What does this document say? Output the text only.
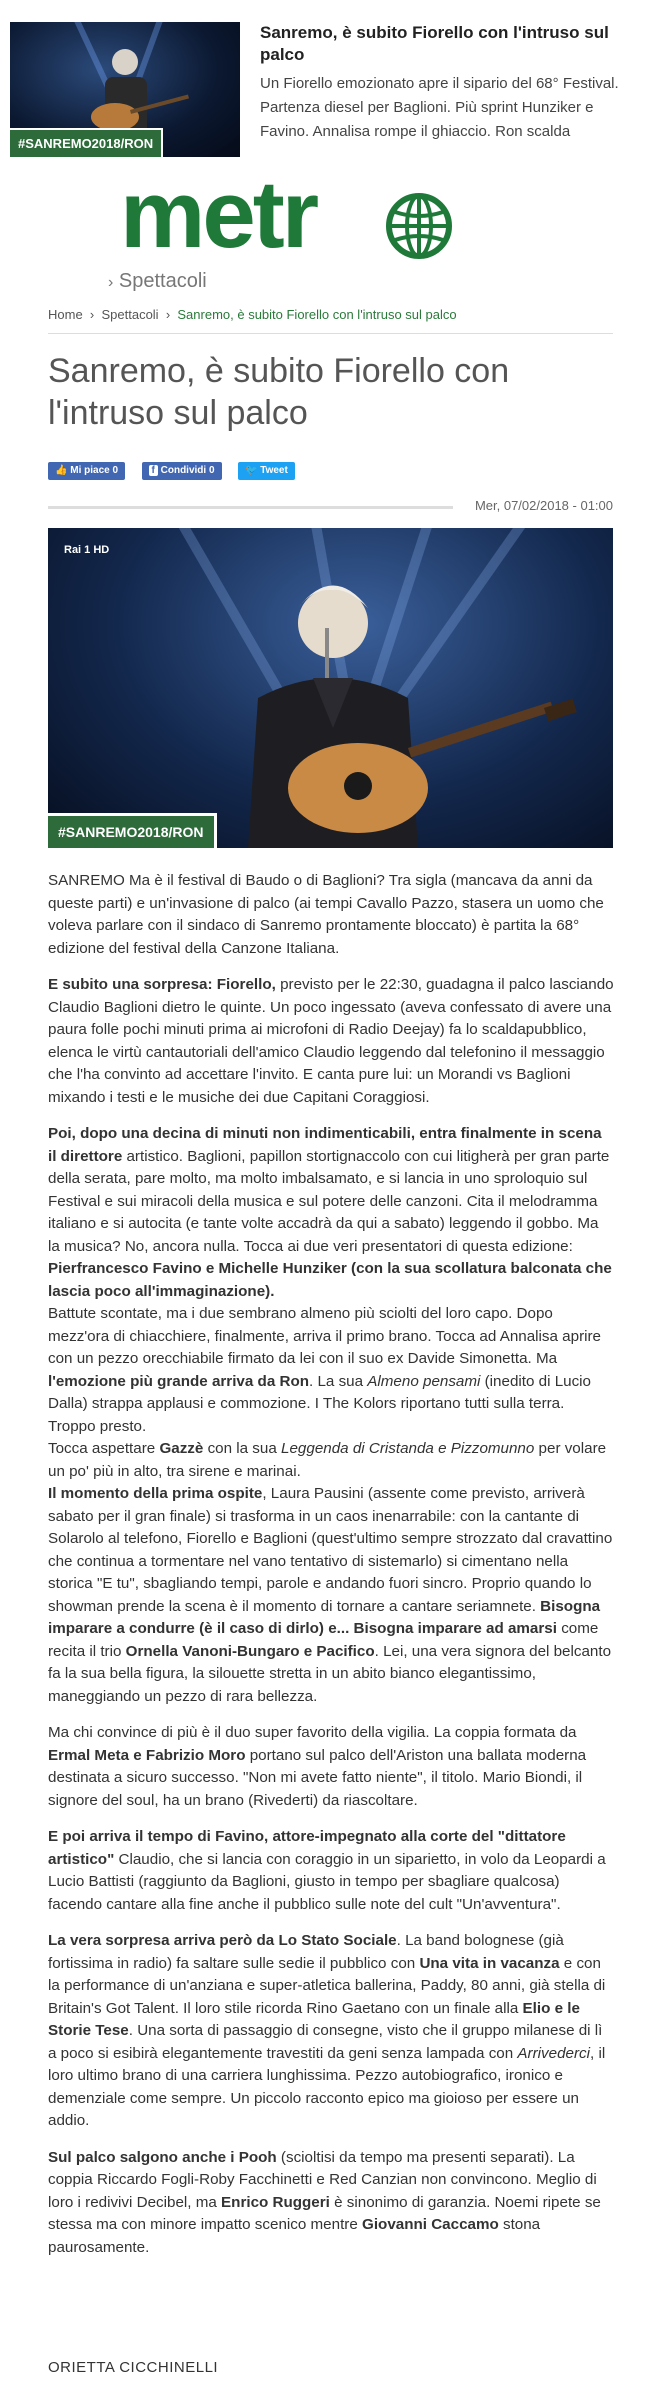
#SANREMO2018/RON
Sanremo, è subito Fiorello con l'intruso sul palco
Un Fiorello emozionato apre il sipario del 68° Festival. Partenza diesel per Baglioni. Più sprint Hunziker e Favino. Annalisa rompe il ghiaccio. Ron scalda
metr
› Spettacoli
Home  ›  Spettacoli  ›  Sanremo, è subito Fiorello con l'intruso sul palco
Sanremo, è subito Fiorello con l'intruso sul palco
👍 Mi piace 0	f Condividi 0	🐦 Tweet
Mer, 07/02/2018 - 01:00
Rai 1 HD
#SANREMO2018/RON

SANREMO Ma è il festival di Baudo o di Baglioni? Tra sigla (mancava da anni da queste parti) e un'invasione di palco (ai tempi Cavallo Pazzo, stasera un uomo che voleva parlare con il sindaco di Sanremo prontamente bloccato) è partita la 68° edizione del festival della Canzone Italiana.

E subito una sorpresa: Fiorello, previsto per le 22:30, guadagna il palco lasciando Claudio Baglioni dietro le quinte. Un poco ingessato (aveva confessato di avere una paura folle pochi minuti prima ai microfoni di Radio Deejay) fa lo scaldapubblico, elenca le virtù cantautoriali dell'amico Claudio leggendo dal telefonino il messaggio che l'ha convinto ad accettare l'invito. E canta pure lui: un Morandi vs Baglioni mixando i testi e le musiche dei due Capitani Coraggiosi.

Poi, dopo una decina di minuti non indimenticabili, entra finalmente in scena il direttore artistico. Baglioni, papillon stortignaccolo con cui litigherà per gran parte della serata, pare molto, ma molto imbalsamato, e si lancia in uno sproloquio sul Festival e sui miracoli della musica e sul potere delle canzoni. Cita il melodramma italiano e si autocita (e tante volte accadrà da qui a sabato) leggendo il gobbo. Ma la musica? No, ancora nulla. Tocca ai due veri presentatori di questa edizione: Pierfrancesco Favino e Michelle Hunziker (con la sua scollatura balconata che lascia poco all'immaginazione).
Battute scontate, ma i due sembrano almeno più sciolti del loro capo. Dopo mezz'ora di chiacchiere, finalmente, arriva il primo brano. Tocca ad Annalisa aprire con un pezzo orecchiabile firmato da lei con il suo ex Davide Simonetta. Ma l'emozione più grande arriva da Ron. La sua Almeno pensami (inedito di Lucio Dalla) strappa applausi e commozione. I The Kolors riportano tutti sulla terra. Troppo presto.
Tocca aspettare Gazzè con la sua Leggenda di Cristanda e Pizzomunno per volare un po' più in alto, tra sirene e marinai.
Il momento della prima ospite, Laura Pausini (assente come previsto, arriverà sabato per il gran finale) si trasforma in un caos inenarrabile: con la cantante di Solarolo al telefono, Fiorello e Baglioni (quest'ultimo sempre strozzato dal cravattino che continua a tormentare nel vano tentativo di sistemarlo) si cimentano nella storica "E tu", sbagliando tempi, parole e andando fuori sincro. Proprio quando lo showman prende la scena è il momento di tornare a cantare seriamnete. Bisogna imparare a condurre (è il caso di dirlo) e... Bisogna imparare ad amarsi come recita il trio Ornella Vanoni-Bungaro e Pacifico. Lei, una vera signora del belcanto fa la sua bella figura, la silouette stretta in un abito bianco elegantissimo, maneggiando un pezzo di rara bellezza.

Ma chi convince di più è il duo super favorito della vigilia. La coppia formata da Ermal Meta e Fabrizio Moro portano sul palco dell'Ariston una ballata moderna destinata a sicuro successo. "Non mi avete fatto niente", il titolo. Mario Biondi, il signore del soul, ha un brano (Rivederti) da riascoltare.

E poi arriva il tempo di Favino, attore-impegnato alla corte del "dittatore artistico" Claudio, che si lancia con coraggio in un siparietto, in volo da Leopardi a Lucio Battisti (raggiunto da Baglioni, giusto in tempo per sbagliare qualcosa) facendo cantare alla fine anche il pubblico sulle note del cult "Un'avventura".

La vera sorpresa arriva però da Lo Stato Sociale. La band bolognese (già fortissima in radio) fa saltare sulle sedie il pubblico con Una vita in vacanza e con la performance di un'anziana e super-atletica ballerina, Paddy, 80 anni, già stella di Britain's Got Talent. Il loro stile ricorda Rino Gaetano con un finale alla Elio e le Storie Tese. Una sorta di passaggio di consegne, visto che il gruppo milanese di lì a poco si esibirà elegantemente travestiti da geni senza lampada con Arrivederci, il loro ultimo brano di una carriera lunghissima. Pezzo autobiografico, ironico e demenziale come sempre. Un piccolo racconto epico ma gioioso per essere un addio.

Sul palco salgono anche i Pooh (scioltisi da tempo ma presenti separati). La coppia Riccardo Fogli-Roby Facchinetti e Red Canzian non convincono. Meglio di loro i redivivi Decibel, ma Enrico Ruggeri è sinonimo di garanzia. Noemi ripete se stessa ma con minore impatto scenico mentre Giovanni Caccamo stona paurosamente.

ORIETTA CICCHINELLI
